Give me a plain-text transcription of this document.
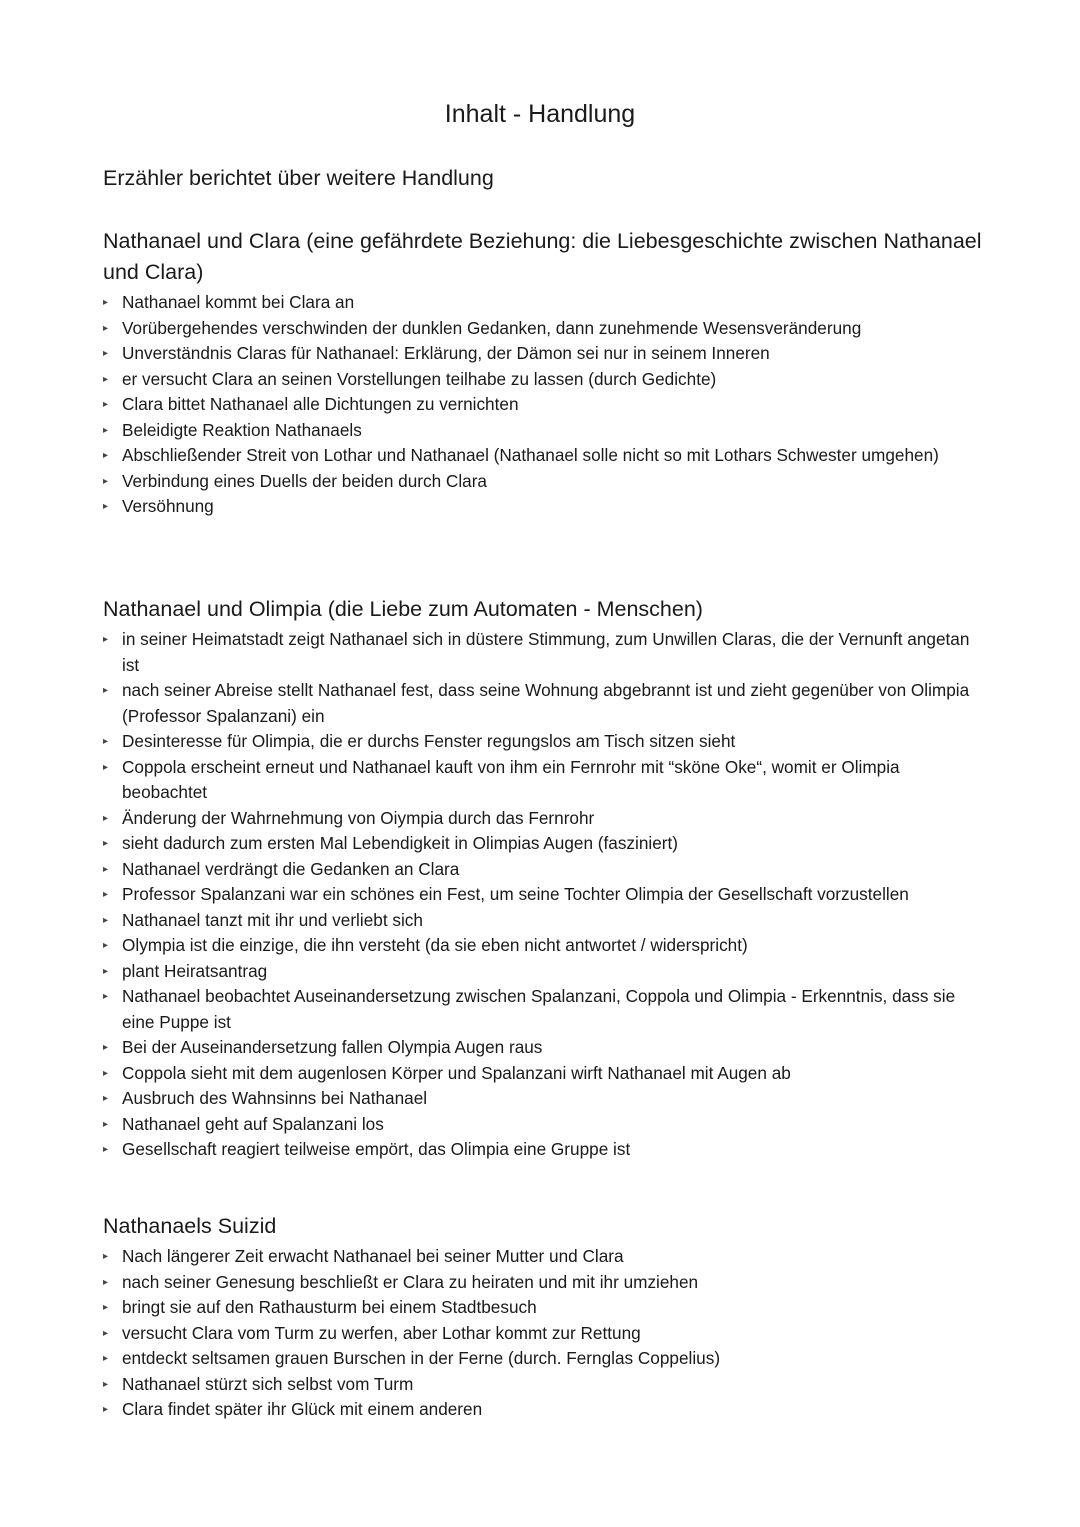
Inhalt - Handlung

Erzähler berichtet über weitere Handlung

Nathanael und Clara (eine gefährdete Beziehung: die Liebesgeschichte zwischen Nathanael und Clara)
▸ Nathanael kommt bei Clara an
▸ Vorübergehendes verschwinden der dunklen Gedanken, dann zunehmende Wesensveränderung
▸ Unverständnis Claras für Nathanael: Erklärung, der Dämon sei nur in seinem Inneren
▸ er versucht Clara an seinen Vorstellungen teilhabe zu lassen (durch Gedichte)
▸ Clara bittet Nathanael alle Dichtungen zu vernichten
▸ Beleidigte Reaktion Nathanaels
▸ Abschließender Streit von Lothar und Nathanael (Nathanael solle nicht so mit Lothars Schwester umgehen)
▸ Verbindung eines Duells der beiden durch Clara
▸ Versöhnung
Nathanael und Olimpia (die Liebe zum Automaten - Menschen)
▸ in seiner Heimatstadt zeigt Nathanael sich in düstere Stimmung, zum Unwillen Claras, die der Vernunft angetan ist
▸ nach seiner Abreise stellt Nathanael fest, dass seine Wohnung abgebrannt ist und zieht gegenüber von Olimpia (Professor Spalanzani) ein
▸ Desinteresse für Olimpia, die er durchs Fenster regungslos am Tisch sitzen sieht
▸ Coppola erscheint erneut und Nathanael kauft von ihm ein Fernrohr mit “sköne Oke“, womit er Olimpia beobachtet
▸ Änderung der Wahrnehmung von Oiympia durch das Fernrohr
▸ sieht dadurch zum ersten Mal Lebendigkeit in Olimpias Augen (fasziniert)
▸ Nathanael verdrängt die Gedanken an Clara
▸ Professor Spalanzani war ein schönes ein Fest, um seine Tochter Olimpia der Gesellschaft vorzustellen
▸ Nathanael tanzt mit ihr und verliebt sich
▸ Olympia ist die einzige, die ihn versteht (da sie eben nicht antwortet / widerspricht)
▸ plant Heiratsantrag
▸ Nathanael beobachtet Auseinandersetzung zwischen Spalanzani, Coppola und Olimpia - Erkenntnis, dass sie eine Puppe ist
▸ Bei der Auseinandersetzung fallen Olympia Augen raus
▸ Coppola sieht mit dem augenlosen Körper und Spalanzani wirft Nathanael mit Augen ab
▸ Ausbruch des Wahnsinns bei Nathanael
▸ Nathanael geht auf Spalanzani los
▸ Gesellschaft reagiert teilweise empört, das Olimpia eine Gruppe ist
Nathanaels Suizid
▸ Nach längerer Zeit erwacht Nathanael bei seiner Mutter und Clara
▸ nach seiner Genesung beschließt er Clara zu heiraten und mit ihr umziehen
▸ bringt sie auf den Rathausturm bei einem Stadtbesuch
▸ versucht Clara vom Turm zu werfen, aber Lothar kommt zur Rettung
▸ entdeckt seltsamen grauen Burschen in der Ferne (durch. Fernglas Coppelius)
▸ Nathanael stürzt sich selbst vom Turm
▸ Clara findet später ihr Glück mit einem anderen
